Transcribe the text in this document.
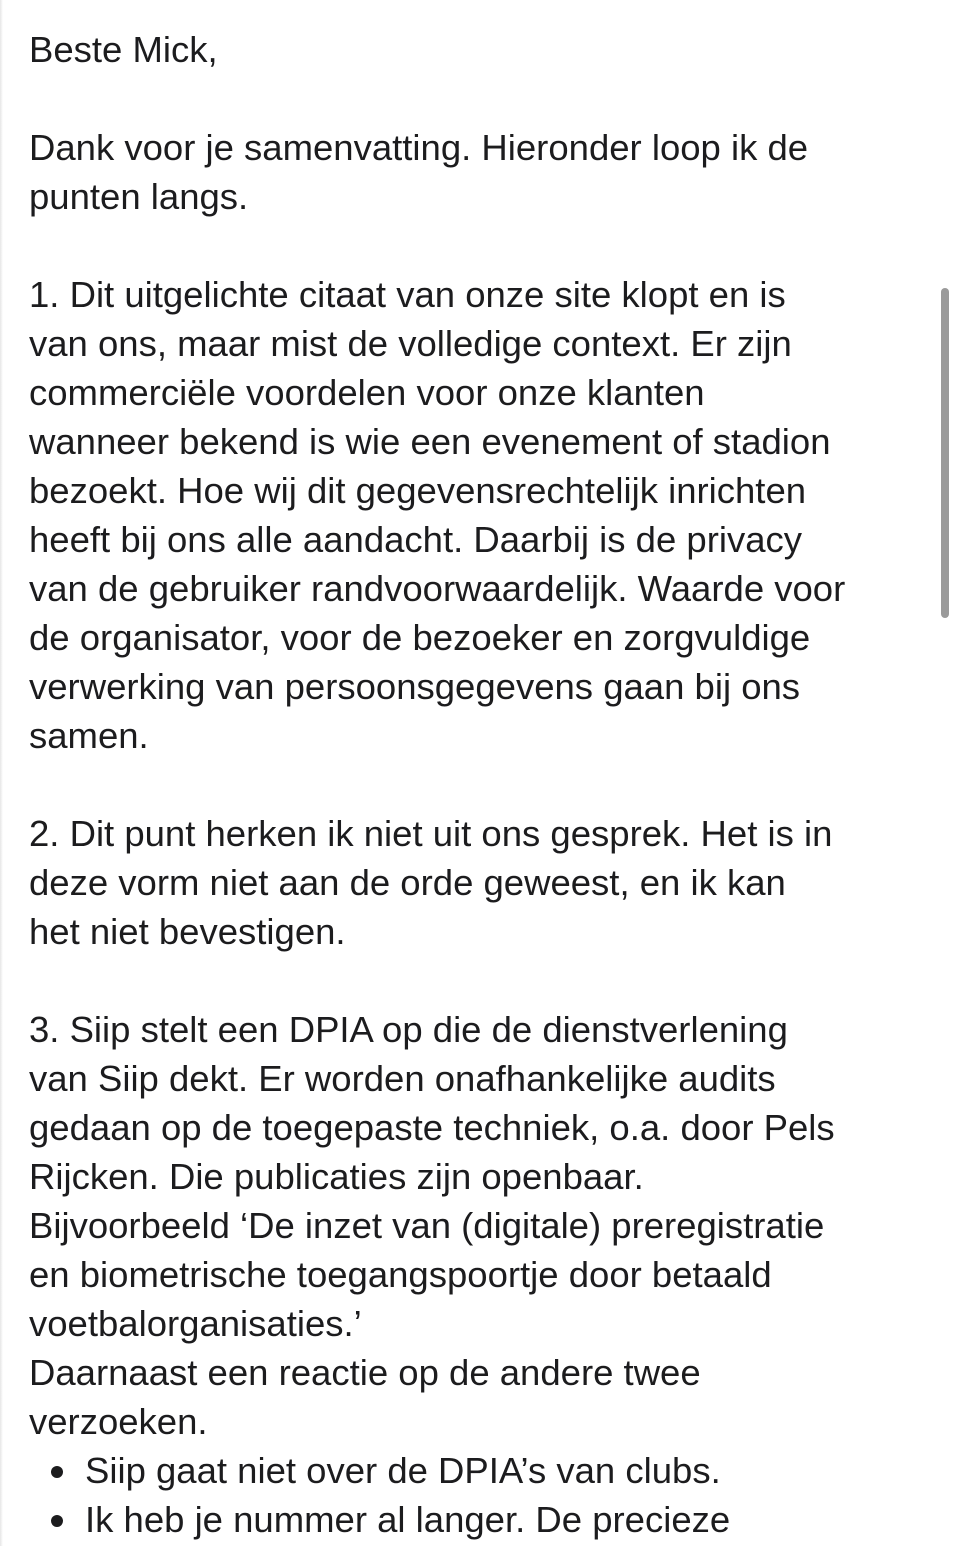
Beste Mick,

Dank voor je samenvatting. Hieronder loop ik de
punten langs.

1. Dit uitgelichte citaat van onze site klopt en is
van ons, maar mist de volledige context. Er zijn
commerciële voordelen voor onze klanten
wanneer bekend is wie een evenement of stadion
bezoekt. Hoe wij dit gegevensrechtelijk inrichten
heeft bij ons alle aandacht. Daarbij is de privacy
van de gebruiker randvoorwaardelijk. Waarde voor
de organisator, voor de bezoeker en zorgvuldige
verwerking van persoonsgegevens gaan bij ons
samen.

2. Dit punt herken ik niet uit ons gesprek. Het is in
deze vorm niet aan de orde geweest, en ik kan
het niet bevestigen.

3. Siip stelt een DPIA op die de dienstverlening
van Siip dekt. Er worden onafhankelijke audits
gedaan op de toegepaste techniek, o.a. door Pels
Rijcken. Die publicaties zijn openbaar.
Bijvoorbeeld ‘De inzet van (digitale) preregistratie
en biometrische toegangspoortje door betaald
voetbalorganisaties.’

Daarnaast een reactie op de andere twee
verzoeken.

Siip gaat niet over de DPIA’s van clubs.
Ik heb je nummer al langer. De precieze
